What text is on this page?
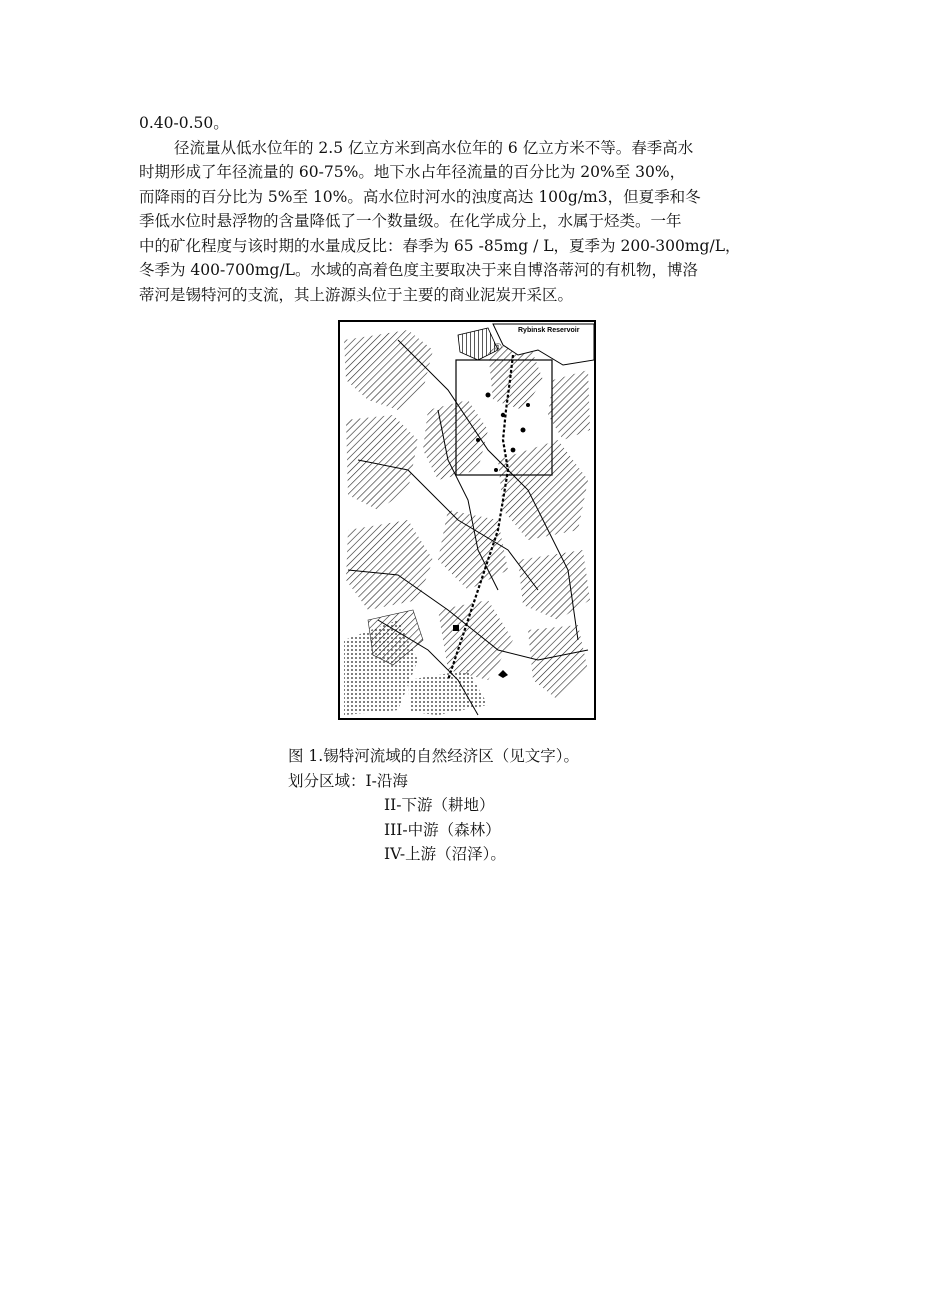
0.40-0.50。
径流量从低水位年的 2.5 亿立方米到高水位年的 6 亿立方米不等。春季高水
时期形成了年径流量的 60-75%。地下水占年径流量的百分比为 20%至 30%，
而降雨的百分比为 5%至 10%。高水位时河水的浊度高达 100g/m3，但夏季和冬
季低水位时悬浮物的含量降低了一个数量级。在化学成分上，水属于烃类。一年
中的矿化程度与该时期的水量成反比：春季为 65 -85mg / L，夏季为 200-300mg/L，
冬季为 400-700mg/L。水域的高着色度主要取决于来自博洛蒂河的有机物，博洛
蒂河是锡特河的支流，其上游源头位于主要的商业泥炭开采区。

Rybinsk Reservoir
①
图 1.锡特河流域的自然经济区（见文字）。
划分区域：I-沿海
II-下游（耕地）
III-中游（森林）
IV-上游（沼泽）。
